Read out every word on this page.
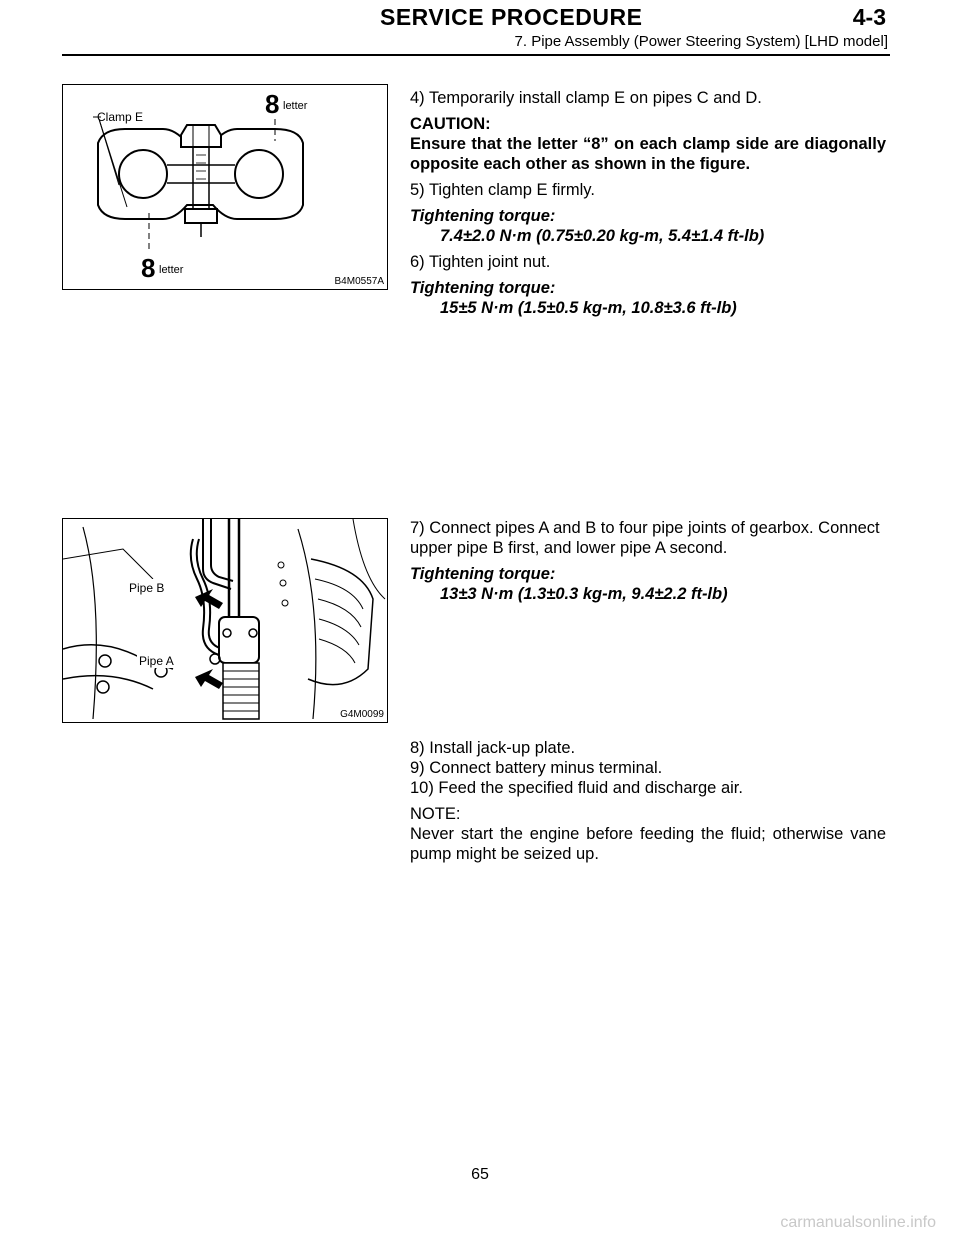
SERVICE PROCEDURE	4-3
7. Pipe Assembly (Power Steering System) [LHD model]
Clamp E	8 letter
8 letter
B4M0557A

4) Temporarily install clamp E on pipes C and D.

CAUTION:

Ensure that the letter “8” on each clamp side are diagonally opposite each other as shown in the figure.

5) Tighten clamp E firmly.

Tightening torque:

7.4±2.0 N·m (0.75±0.20 kg-m, 5.4±1.4 ft-lb)

6) Tighten joint nut.

Tightening torque:

15±5 N·m (1.5±0.5 kg-m, 10.8±3.6 ft-lb)

Pipe B
Pipe A
G4M0099

7) Connect pipes A and B to four pipe joints of gearbox. Connect upper pipe B first, and lower pipe A second.

Tightening torque:

13±3 N·m (1.3±0.3 kg-m, 9.4±2.2 ft-lb)

8) Install jack-up plate.

9) Connect battery minus terminal.

10) Feed the specified fluid and discharge air.

NOTE:

Never start the engine before feeding the fluid; otherwise vane pump might be seized up.

65
carmanualsonline.info
